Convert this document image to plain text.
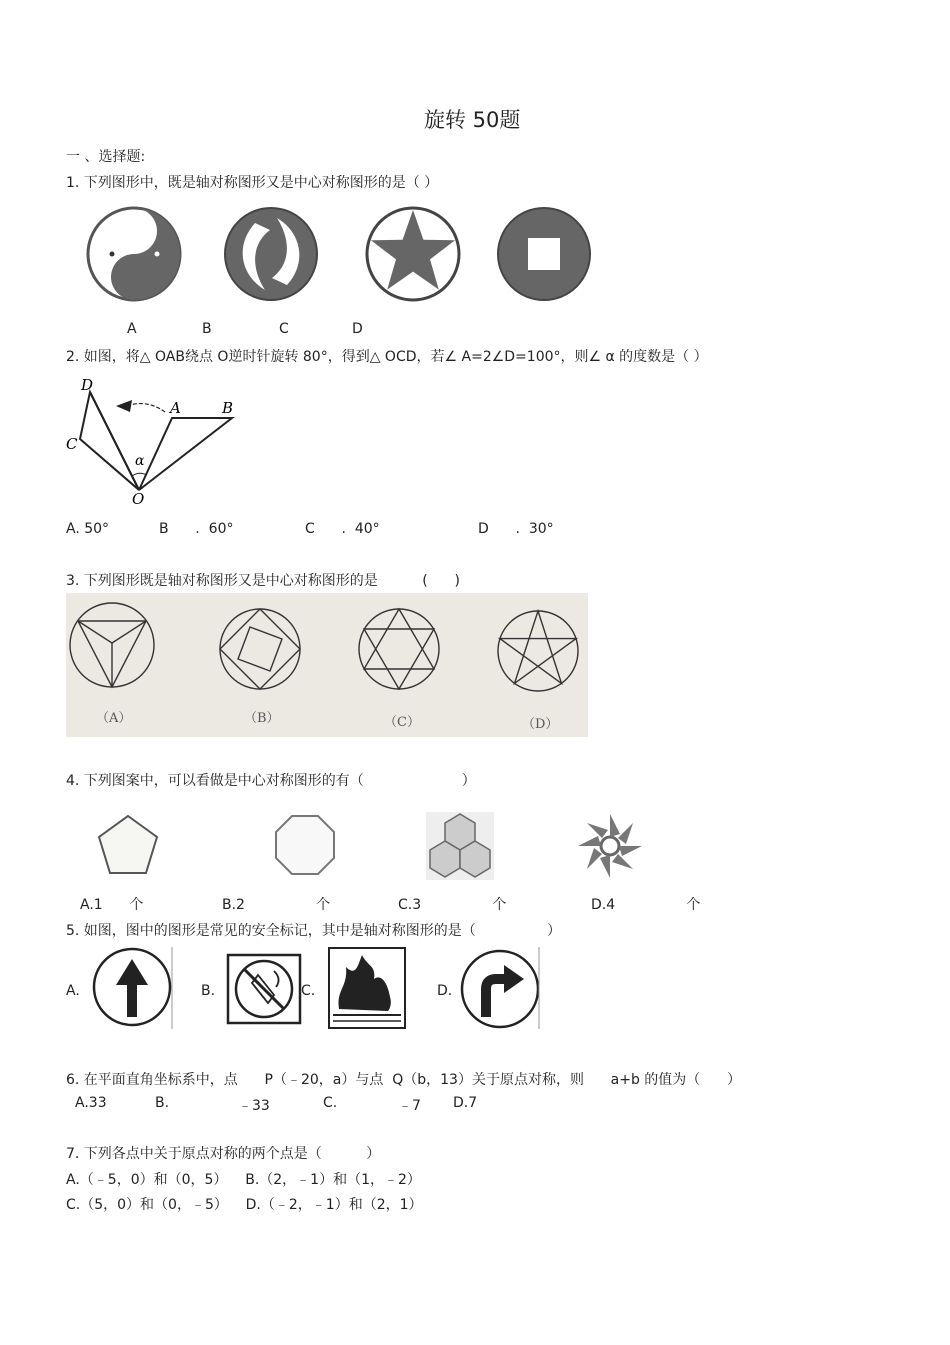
旋转 50题
一 、选择题:
1. 下列图形中，既是轴对称图形又是中心对称图形的是（ ）
A	B	C	D
2. 如图，将△ OAB绕点 O逆时针旋转 80°，得到△ OCD，若∠ A=2∠D=100°，则∠ α 的度数是（ ）
D
A	B
C
α
O
A. 50°	B      .  60°	C      .  40°	D      .  30°
3. 下列图形既是轴对称图形又是中心对称图形的是          (      )
（A）	（B）	（C）	（D）
4. 下列图案中，可以看做是中心对称图形的有（                      ）
A.1      个	B.2                个	C.3                个	D.4                个
5. 如图，图中的图形是常见的安全标记，其中是轴对称图形的是（                ）
A.	B.	C.	D.
6. 在平面直角坐标系中，点      P（﹣20，a）与点  Q（b，13）关于原点对称，则      a+b 的值为（      ）
A.33	B.	﹣33	C.	﹣7 D.7
7. 下列各点中关于原点对称的两个点是（          ）
A.（﹣5，0）和（0，5）    B.（2，﹣1）和（1，﹣2）
C.（5，0）和（0，﹣5）    D.（﹣2，﹣1）和（2，1）
